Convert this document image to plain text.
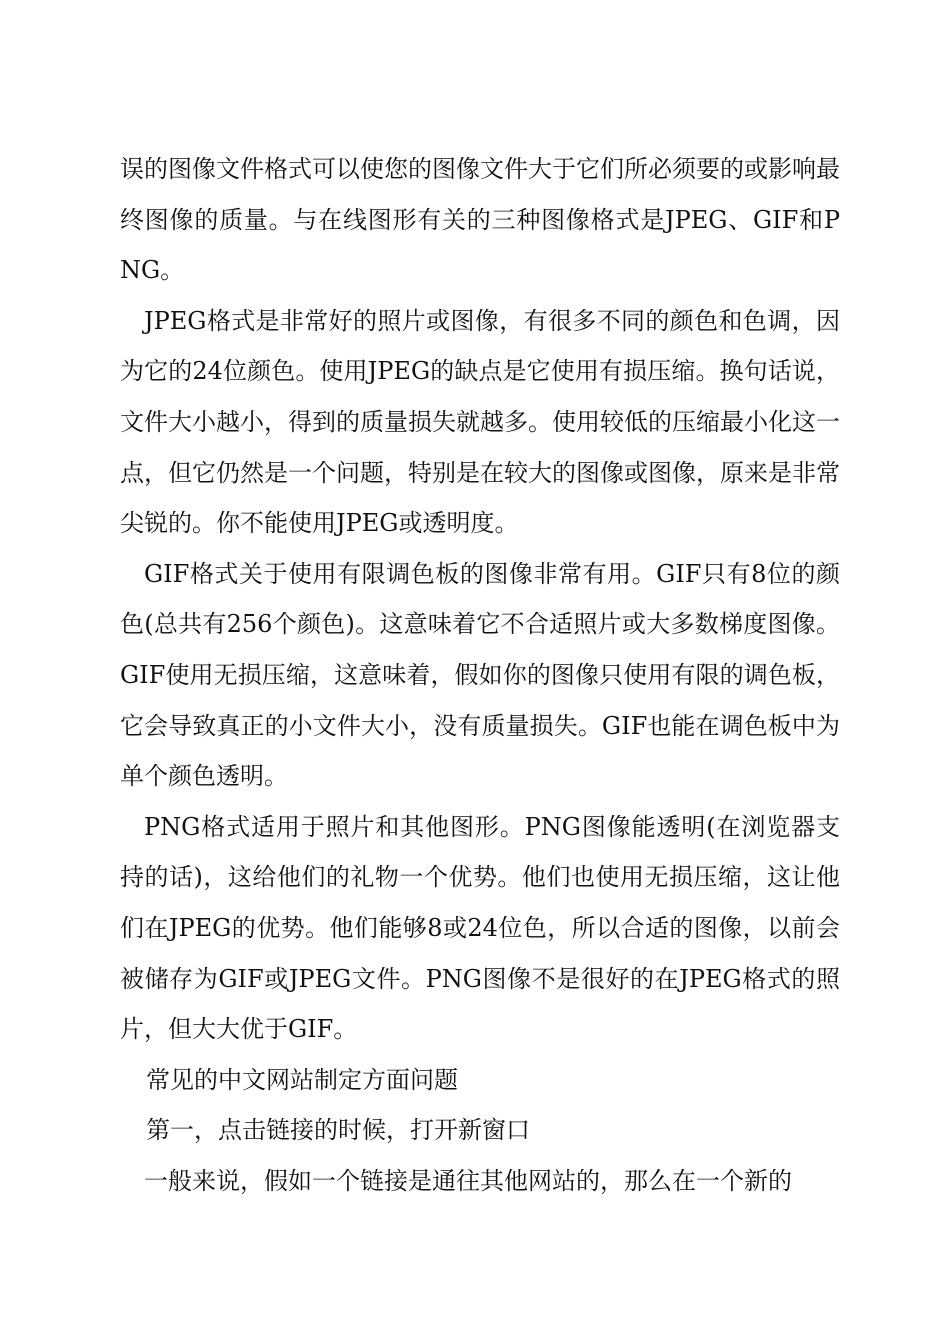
误的图像文件格式可以使您的图像文件大于它们所必须要的或影响最终图像的质量。与在线图形有关的三种图像格式是JPEG、GIF和PNG。

JPEG格式是非常好的照片或图像，有很多不同的颜色和色调，因为它的24位颜色。使用JPEG的缺点是它使用有损压缩。换句话说，文件大小越小，得到的质量损失就越多。使用较低的压缩最小化这一点，但它仍然是一个问题，特别是在较大的图像或图像，原来是非常尖锐的。你不能使用JPEG或透明度。

GIF格式关于使用有限调色板的图像非常有用。GIF只有8位的颜色(总共有256个颜色)。这意味着它不合适照片或大多数梯度图像。GIF使用无损压缩，这意味着，假如你的图像只使用有限的调色板，它会导致真正的小文件大小，没有质量损失。GIF也能在调色板中为单个颜色透明。

PNG格式适用于照片和其他图形。PNG图像能透明(在浏览器支持的话)，这给他们的礼物一个优势。他们也使用无损压缩，这让他们在JPEG的优势。他们能够8或24位色，所以合适的图像，以前会被储存为GIF或JPEG文件。PNG图像不是很好的在JPEG格式的照片，但大大优于GIF。

常见的中文网站制定方面问题

第一，点击链接的时候，打开新窗口

一般来说，假如一个链接是通往其他网站的，那么在一个新的
